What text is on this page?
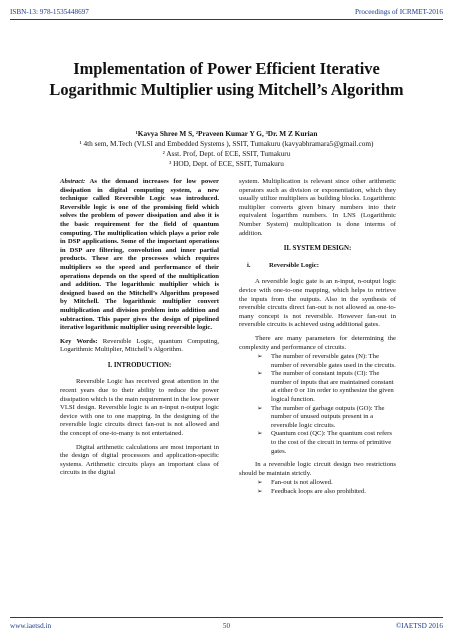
ISBN-13: 978-1535448697	Proceedings of ICRMET-2016
Implementation of Power Efficient Iterative Logarithmic Multiplier using Mitchell’s Algorithm
¹Kavya Shree M S, ²Praveen Kumar Y G, ³Dr. M Z Kurian
¹ 4th sem, M.Tech (VLSI and Embedded Systems ), SSIT, Tumakuru (kavyabhramara5@gmail.com)
² Asst. Prof, Dept. of ECE, SSIT, Tumakuru
³ HOD, Dept. of ECE, SSIT, Tumakuru

Abstract: As the demand increases for low power dissipation in digital computing system, a new technique called Reversible Logic was introduced. Reversible logic is one of the promising field which solves the problem of power dissipation and also it is the basic requirement for the field of quantum computing. The multiplication which plays a prior role in DSP applications. Some of the important operations in DSP are filtering, convolution and inner partial products. These are the processes which requires multipliers so the speed and performance of their operations depends on the speed of the multiplication and addition. The logarithmic multiplier which is designed based on the Mitchell’s Algorithm proposed by Mitchell. The logarithmic multiplier convert multiplication and division problem into addition and subtraction. This paper gives the design of pipelined iterative logarithmic multiplier using reversible logic.

Key Words: Reversible Logic, quantum Computing, Logarithmic Multiplier, Mitchell’s Algorithm.

I. INTRODUCTION:

Reversible Logic has received great attention in the recent years due to their ability to reduce the power dissipation which is the main requirement in the low power VLSI design. Reversible logic is an n-input n-output logic device with one to one mapping. In the designing of the reversible logic circuits direct fan-out is not allowed and the concept of one-to-many is not entertained.

Digital arithmetic calculations are most important in the design of digital processors and application-specific systems. Arithmetic circuits plays an important class of circuits in the digital

system. Multiplication is relevant since other arithmetic operators such as division or exponentiation, which they usually utilize multipliers as building blocks. Logarithmic multiplier converts given binary numbers into their equivalent logarithm numbers. In LNS (Logarithmic Number System) multiplication is done interms of addition.

II. SYSTEM DESIGN:
i.	Reversible Logic:

A reversible logic gate is an n-input, n-output logic device with one-to-one mapping, which helps to retrieve the inputs from the outputs. Also in the synthesis of reversible circuits direct fan-out is not allowed as one-to-many concept is not reversible. However fan-out in reversible circuits is achieved using additional gates.

There are many parameters for determining the complexity and performance of circuits.

➢ The number of reversible gates (N): The number of reversible gates used in the circuits.
➢ The number of constant inputs (CI): The number of inputs that are maintained constant at either 0 or 1in order to synthesize the given logical function.
➢ The number of garbage outputs (GO): The number of unused outputs present in a reversible logic circuits.
➢ Quantum cost (QC): The quantum cost refers to the cost of the circuit in terms of primitive gates.

In a reversible logic circuit design two restrictions should be maintain strictly.

➢ Fan-out is not allowed.
➢ Feedback loops are also prohibited.
www.iaetsd.in	50	©IAETSD 2016
